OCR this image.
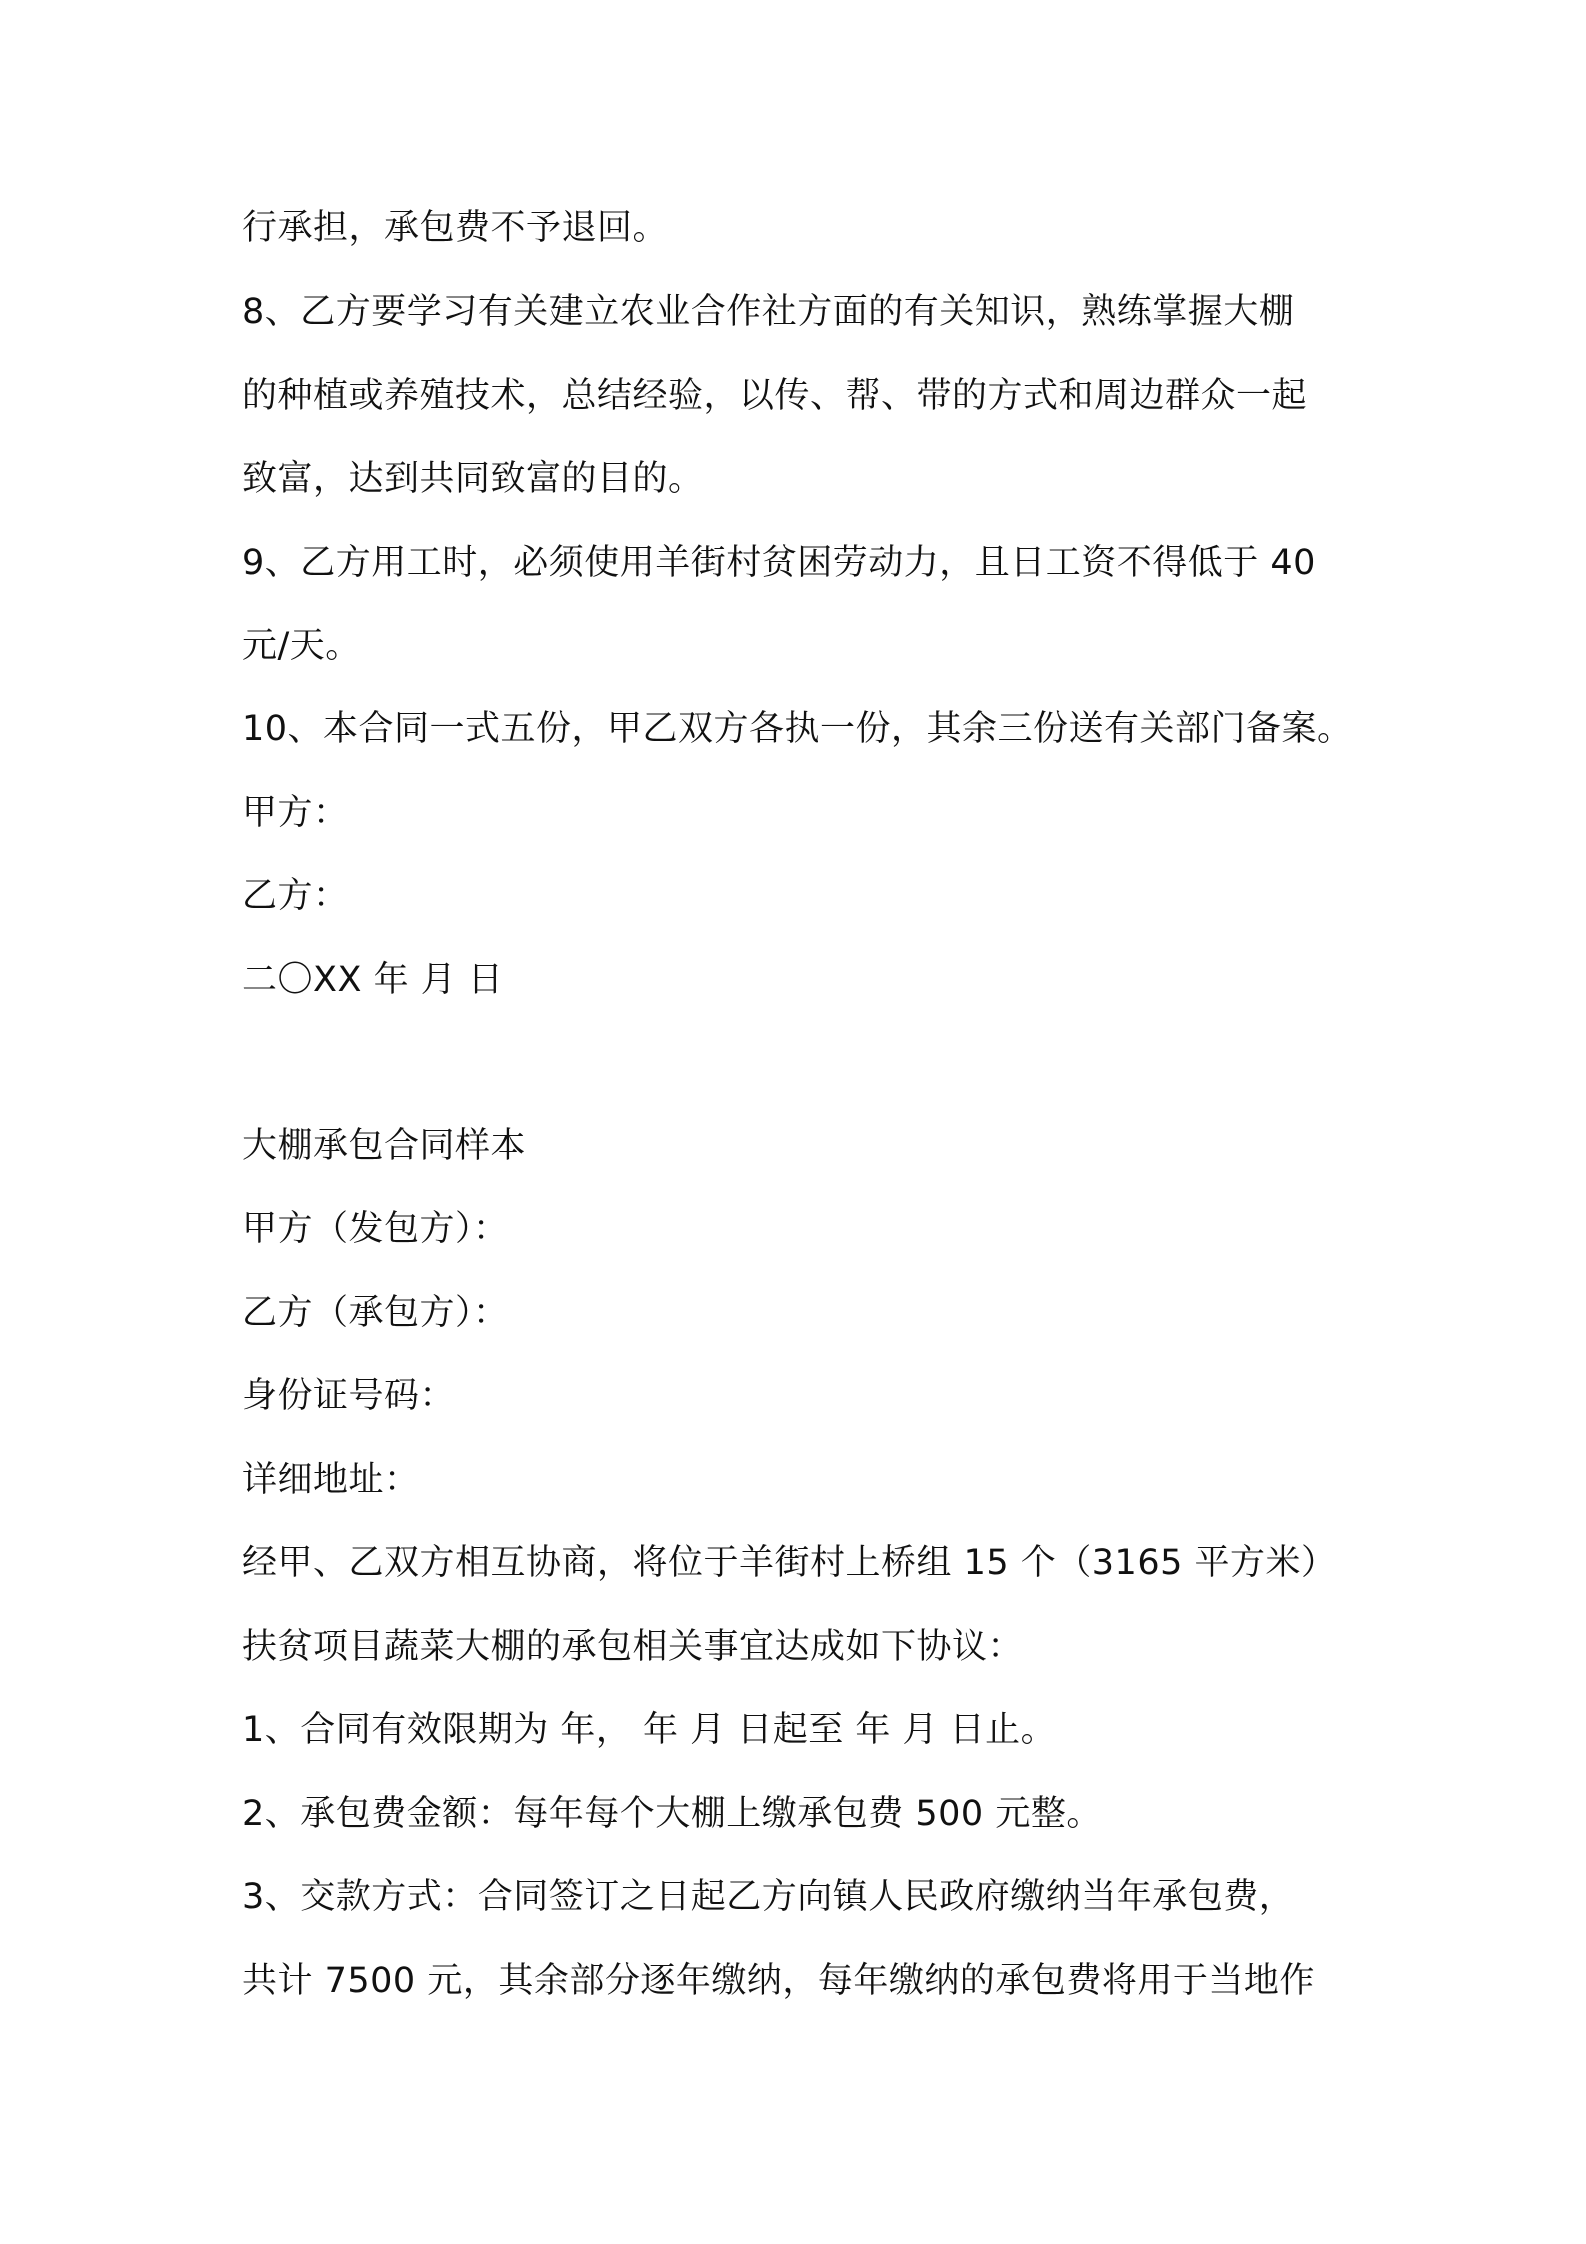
行承担，承包费不予退回。
8、乙方要学习有关建立农业合作社方面的有关知识，熟练掌握大棚
的种植或养殖技术，总结经验，以传、帮、带的方式和周边群众一起
致富，达到共同致富的目的。
9、乙方用工时，必须使用羊街村贫困劳动力，且日工资不得低于 40
元/天。
10、本合同一式五份，甲乙双方各执一份，其余三份送有关部门备案。
甲方：
乙方：
二〇XX 年 月 日
大棚承包合同样本
甲方（发包方）：
乙方（承包方）：
身份证号码：
详细地址：
经甲、乙双方相互协商，将位于羊街村上桥组 15 个（3165 平方米）
扶贫项目蔬菜大棚的承包相关事宜达成如下协议：
1、合同有效限期为 年， 年 月 日起至 年 月 日止。
2、承包费金额：每年每个大棚上缴承包费 500 元整。
3、交款方式：合同签订之日起乙方向镇人民政府缴纳当年承包费，
共计 7500 元，其余部分逐年缴纳，每年缴纳的承包费将用于当地作
